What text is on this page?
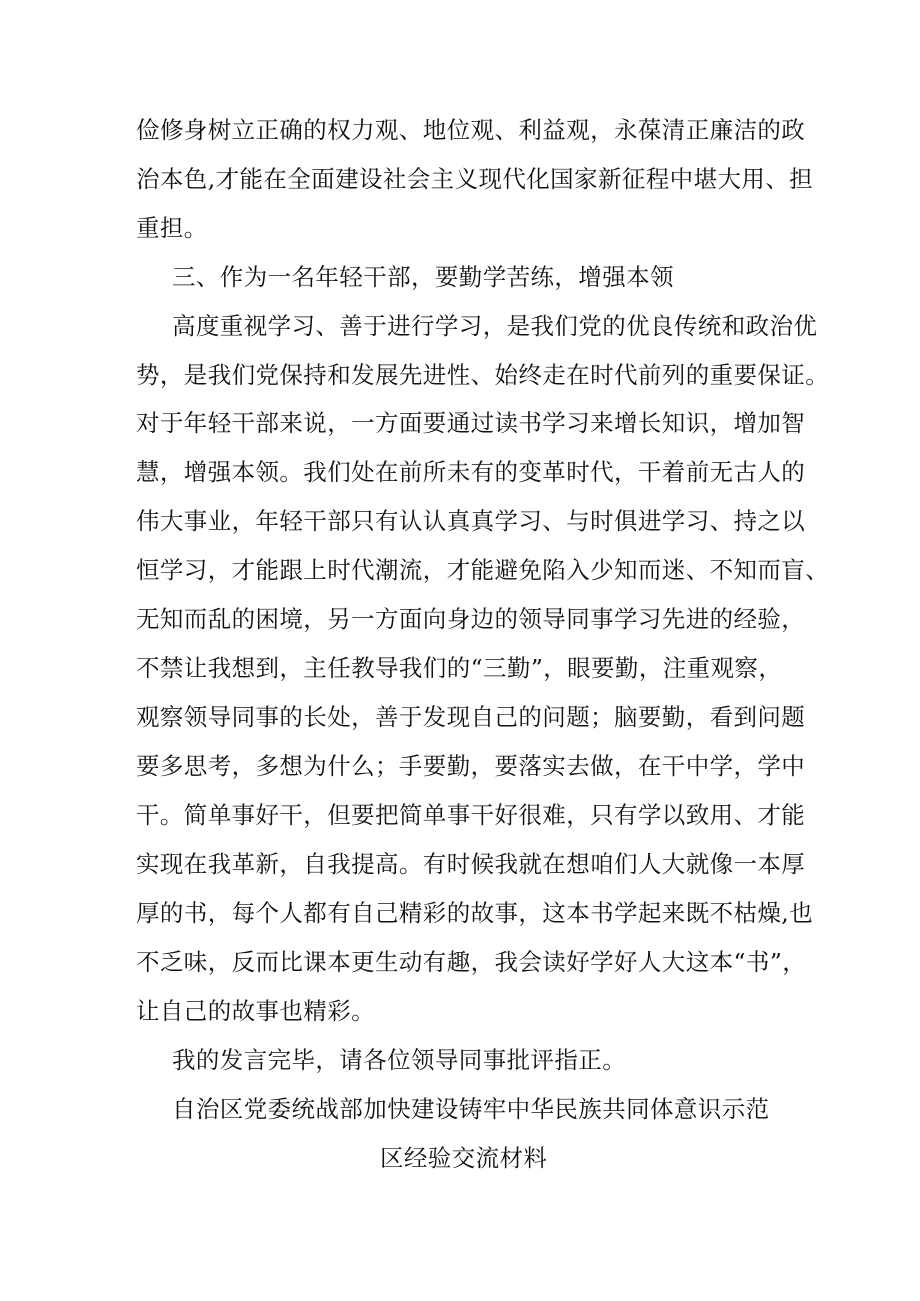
俭修身树立正确的权力观、地位观、利益观，永葆清正廉洁的政
治本色,才能在全面建设社会主义现代化国家新征程中堪大用、担
重担。
三、作为一名年轻干部，要勤学苦练，增强本领
高度重视学习、善于进行学习，是我们党的优良传统和政治优
势，是我们党保持和发展先进性、始终走在时代前列的重要保证。
对于年轻干部来说，一方面要通过读书学习来增长知识，增加智
慧，增强本领。我们处在前所未有的变革时代，干着前无古人的
伟大事业，年轻干部只有认认真真学习、与时俱进学习、持之以
恒学习，才能跟上时代潮流，才能避免陷入少知而迷、不知而盲、
无知而乱的困境，另一方面向身边的领导同事学习先进的经验，
不禁让我想到，主任教导我们的“三勤”，眼要勤，注重观察，
观察领导同事的长处，善于发现自己的问题；脑要勤，看到问题
要多思考，多想为什么；手要勤，要落实去做，在干中学，学中
干。简单事好干，但要把简单事干好很难，只有学以致用、才能
实现在我革新，自我提高。有时候我就在想咱们人大就像一本厚
厚的书，每个人都有自己精彩的故事，这本书学起来既不枯燥,也
不乏味，反而比课本更生动有趣，我会读好学好人大这本“书”，
让自己的故事也精彩。
我的发言完毕，请各位领导同事批评指正。
自治区党委统战部加快建设铸牢中华民族共同体意识示范
区经验交流材料
